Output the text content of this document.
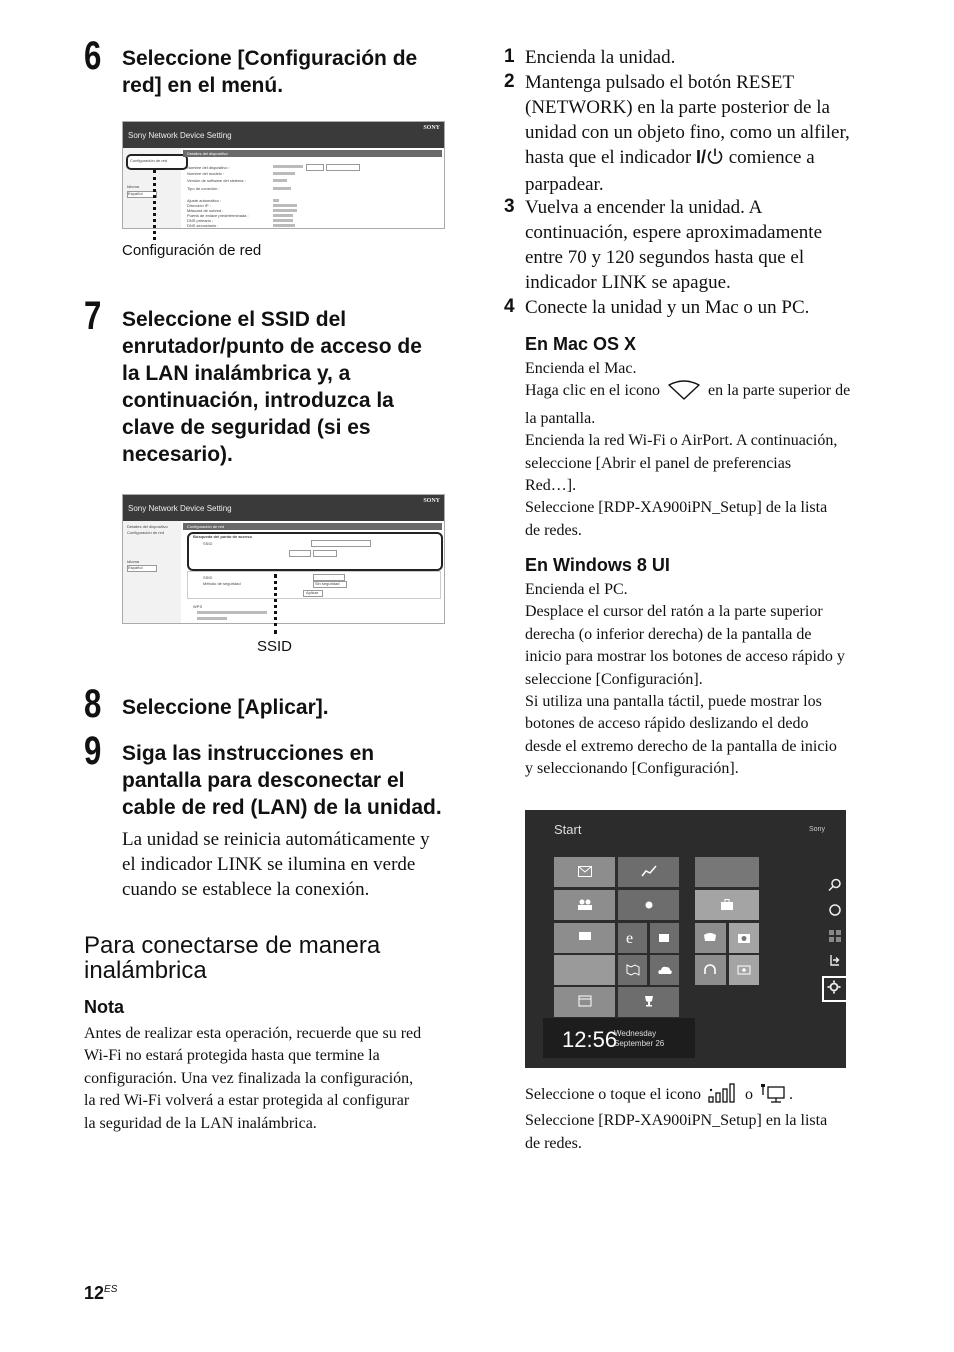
6 Seleccione [Configuración de
red] en el menú.
Sony Network Device Setting
SONY
Configuración de red
Idioma
Español
Detalles del dispositivo
Nombre del dispositivo :
Nombre del modelo :
Versión de software del sistema :
Tipo de conexión :
Ajuste automático :
Dirección IP :
Máscara de subred :
Puerta de enlace predeterminada :
DNS primario :
DNS secundario :
Configuración de red
7 Seleccione el SSID del
enrutador/punto de acceso de
la LAN inalámbrica y, a
continuación, introduzca la
clave de seguridad (si es
necesario).
Sony Network Device Setting
SONY
Detalles del dispositivo
Configuración de red
Idioma
Español
Configuración de red
Búsqueda del punto de acceso
SSID
SSID
Método de seguridad	Sin seguridad
Aplicar
WPS
SSID
8 Seleccione [Aplicar].
9 Siga las instrucciones en
pantalla para desconectar el
cable de red (LAN) de la unidad.
La unidad se reinicia automáticamente y
el indicador LINK se ilumina en verde
cuando se establece la conexión.
Para conectarse de manera
inalámbrica
Nota
Antes de realizar esta operación, recuerde que su red
Wi-Fi no estará protegida hasta que termine la
configuración. Una vez finalizada la configuración,
la red Wi-Fi volverá a estar protegida al configurar
la seguridad de la LAN inalámbrica.
1 Encienda la unidad.
2 Mantenga pulsado el botón RESET
(NETWORK) en la parte posterior de la
unidad con un objeto fino, como un alfiler,
hasta que el indicador I/ comience a
parpadear.
3 Vuelva a encender la unidad. A
continuación, espere aproximadamente
entre 70 y 120 segundos hasta que el
indicador LINK se apague.
4 Conecte la unidad y un Mac o un PC.
En Mac OS X
Encienda el Mac.
Haga clic en el icono	en la parte superior de
la pantalla.
Encienda la red Wi-Fi o AirPort. A continuación,
seleccione [Abrir el panel de preferencias
Red…].
Seleccione [RDP-XA900iPN_Setup] de la lista
de redes.
En Windows 8 UI
Encienda el PC.
Desplace el cursor del ratón a la parte superior
derecha (o inferior derecha) de la pantalla de
inicio para mostrar los botones de acceso rápido y
seleccione [Configuración].
Si utiliza una pantalla táctil, puede mostrar los
botones de acceso rápido deslizando el dedo
desde el extremo derecho de la pantalla de inicio
y seleccionando [Configuración].
Start	Sony
e
12:56
Wednesday
September 26
Seleccione o toque el icono	o .
Seleccione [RDP-XA900iPN_Setup] en la lista
de redes.
$12^{ES}$
